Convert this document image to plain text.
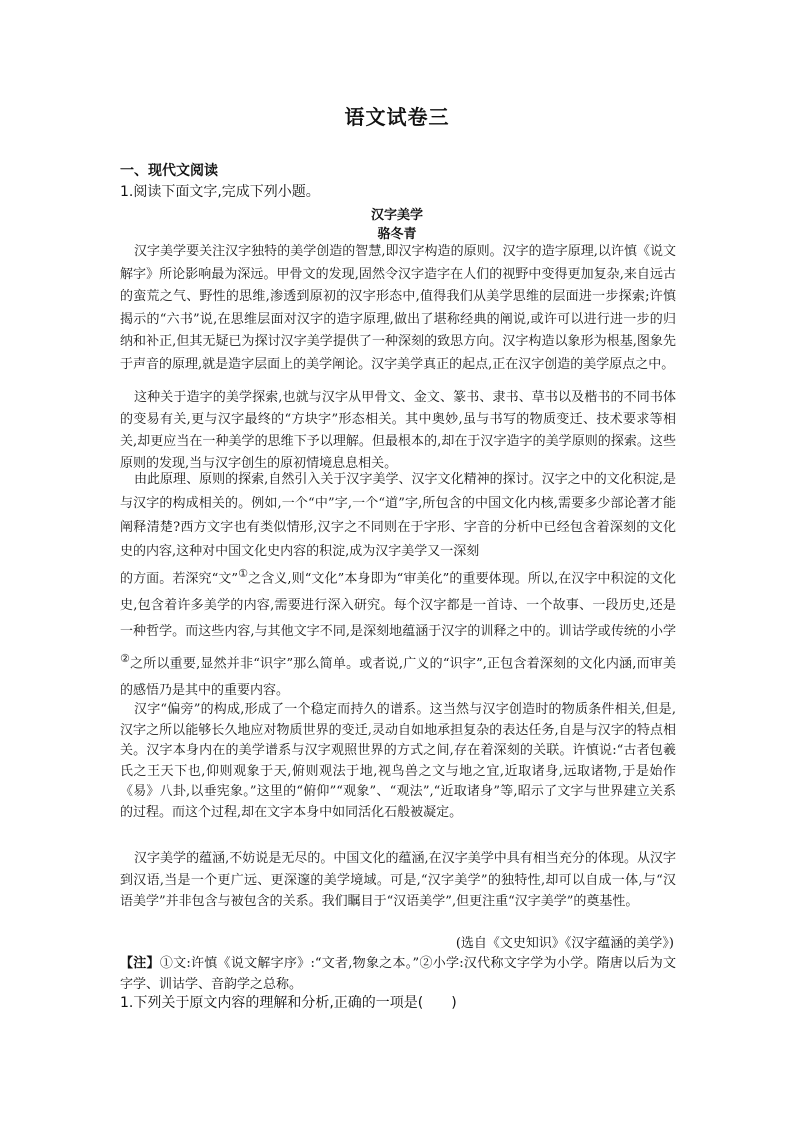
语文试卷三
一、现代文阅读
1.阅读下面文字,完成下列小题。
汉字美学
骆冬青

汉字美学要关注汉字独特的美学创造的智慧,即汉字构造的原则。汉字的造字原理,以许慎《说文解字》所论影响最为深远。甲骨文的发现,固然令汉字造字在人们的视野中变得更加复杂,来自远古的蛮荒之气、野性的思维,渗透到原初的汉字形态中,值得我们从美学思维的层面进一步探索;许慎揭示的“六书”说,在思维层面对汉字的造字原理,做出了堪称经典的阐说,或许可以进行进一步的归纳和补正,但其无疑已为探讨汉字美学提供了一种深刻的致思方向。汉字构造以象形为根基,图象先于声音的原理,就是造字层面上的美学阐论。汉字美学真正的起点,正在汉字创造的美学原点之中。

这种关于造字的美学探索,也就与汉字从甲骨文、金文、篆书、隶书、草书以及楷书的不同书体的变易有关,更与汉字最终的“方块字”形态相关。其中奥妙,虽与书写的物质变迁、技术要求等相关,却更应当在一种美学的思维下予以理解。但最根本的,却在于汉字造字的美学原则的探索。这些原则的发现,当与汉字创生的原初情境息息相关。

由此原理、原则的探索,自然引入关于汉字美学、汉字文化精神的探讨。汉字之中的文化积淀,是与汉字的构成相关的。例如,一个“中”字,一个“道”字,所包含的中国文化内核,需要多少部论著才能阐释清楚?西方文字也有类似情形,汉字之不同则在于字形、字音的分析中已经包含着深刻的文化史的内容,这种对中国文化史内容的积淀,成为汉字美学又一深刻

的方面。若深究“文”①之含义,则“文化”本身即为“审美化”的重要体现。所以,在汉字中积淀的文化史,包含着许多美学的内容,需要进行深入研究。每个汉字都是一首诗、一个故事、一段历史,还是一种哲学。而这些内容,与其他文字不同,是深刻地蕴涵于汉字的训释之中的。训诂学或传统的小学②之所以重要,显然并非“识字”那么简单。或者说,广义的“识字”,正包含着深刻的文化内涵,而审美的感悟乃是其中的重要内容。

汉字“偏旁”的构成,形成了一个稳定而持久的谱系。这当然与汉字创造时的物质条件相关,但是,汉字之所以能够长久地应对物质世界的变迁,灵动自如地承担复杂的表达任务,自是与汉字的特点相关。汉字本身内在的美学谱系与汉字观照世界的方式之间,存在着深刻的关联。许慎说:“古者包羲氏之王天下也,仰则观象于天,俯则观法于地,视鸟兽之文与地之宜,近取诸身,远取诸物,于是始作《易》八卦,以垂宪象。”这里的“俯仰”“观象”、“观法”,“近取诸身”等,昭示了文字与世界建立关系的过程。而这个过程,却在文字本身中如同活化石般被凝定。

汉字美学的蕴涵,不妨说是无尽的。中国文化的蕴涵,在汉字美学中具有相当充分的体现。从汉字到汉语,当是一个更广远、更深邃的美学境域。可是,“汉字美学”的独特性,却可以自成一体,与“汉语美学”并非包含与被包含的关系。我们瞩目于“汉语美学”,但更注重“汉字美学”的奠基性。

(选自《文史知识》《汉字蕴涵的美学》)
【注】①文:许慎《说文解字序》:“文者,物象之本。”②小学:汉代称文字学为小学。隋唐以后为文字学、训诂学、音韵学之总称。
1.下列关于原文内容的理解和分析,正确的一项是(　　)
